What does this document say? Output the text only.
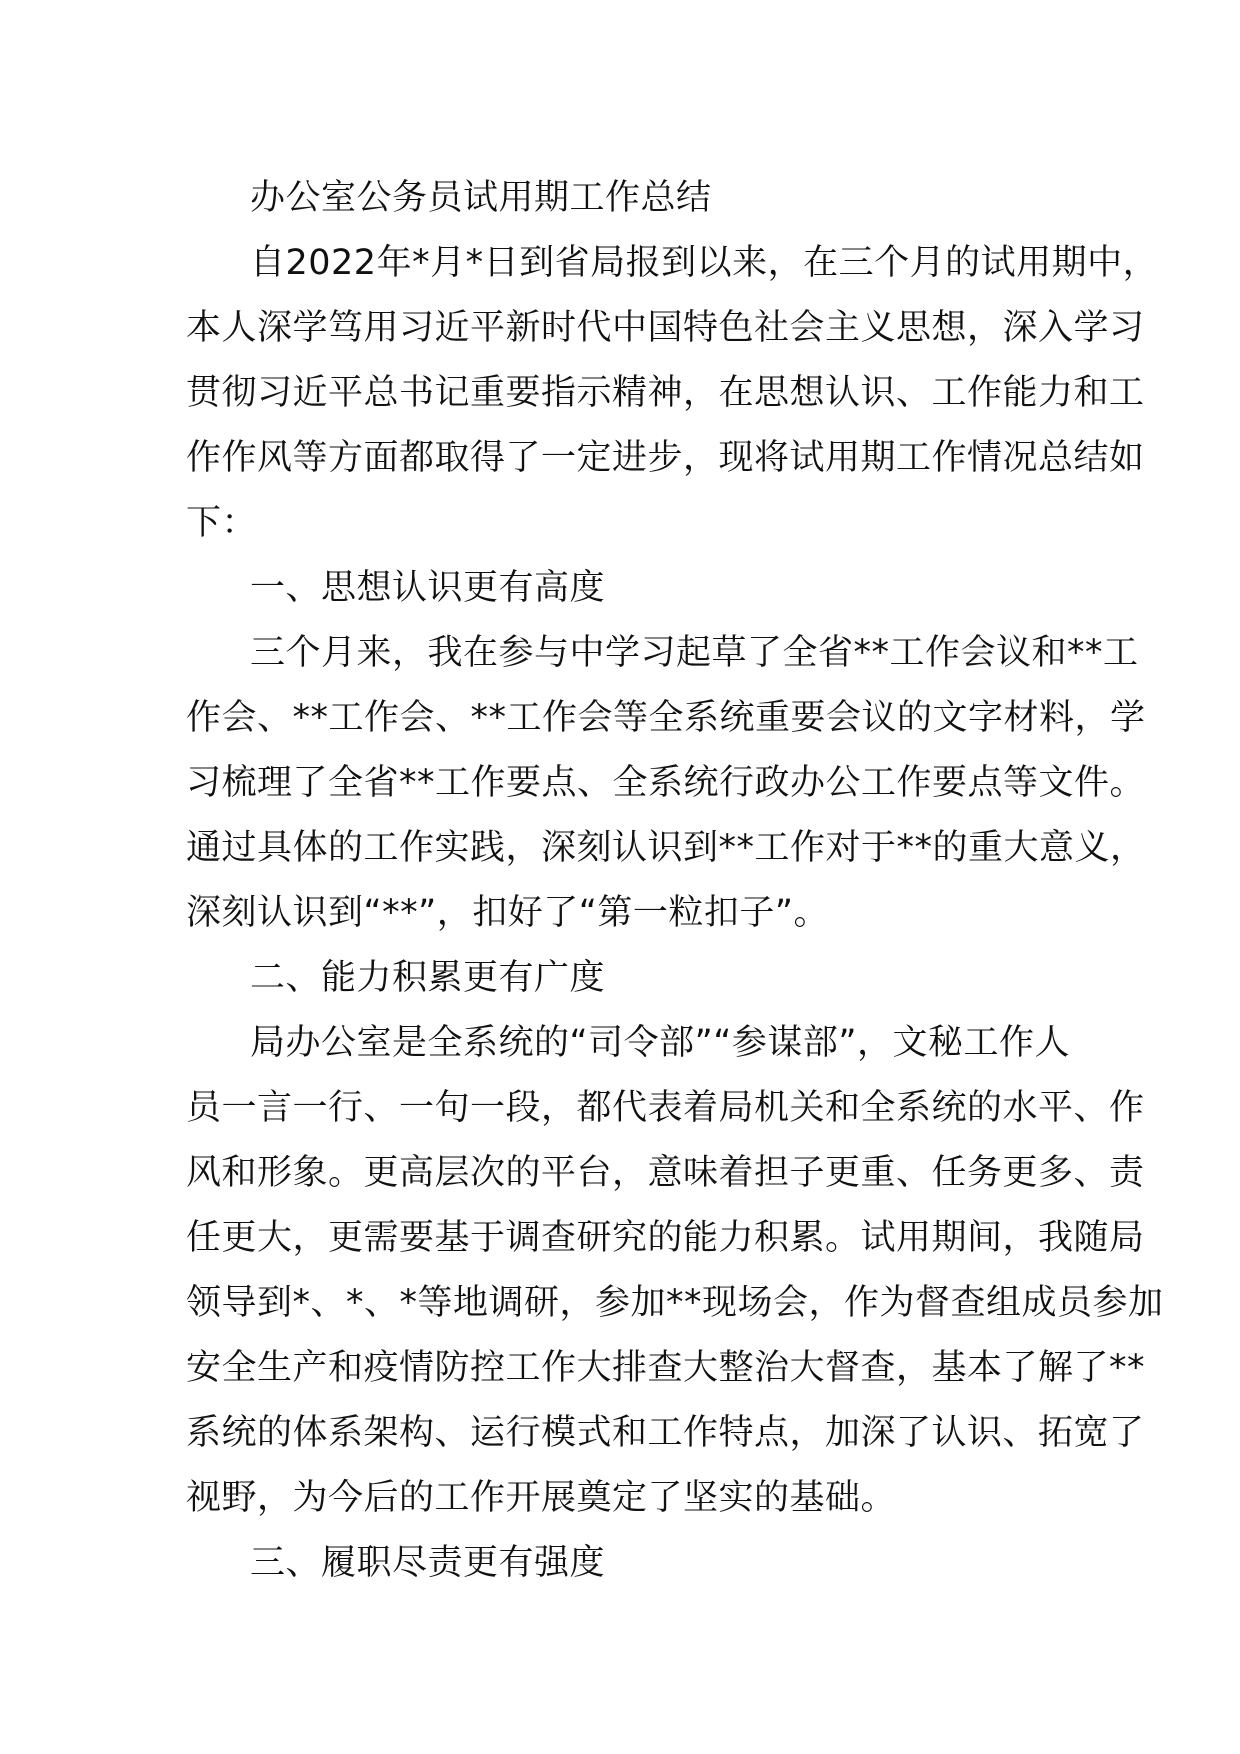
办公室公务员试用期工作总结
自2022年*月*日到省局报到以来，在三个月的试用期中，
本人深学笃用习近平新时代中国特色社会主义思想，深入学习
贯彻习近平总书记重要指示精神，在思想认识、工作能力和工
作作风等方面都取得了一定进步，现将试用期工作情况总结如
下：
一、思想认识更有高度
三个月来，我在参与中学习起草了全省**工作会议和**工
作会、**工作会、**工作会等全系统重要会议的文字材料，学
习梳理了全省**工作要点、全系统行政办公工作要点等文件。
通过具体的工作实践，深刻认识到**工作对于**的重大意义，
深刻认识到“**”，扣好了“第一粒扣子”。
二、能力积累更有广度
局办公室是全系统的“司令部”“参谋部”，文秘工作人
员一言一行、一句一段，都代表着局机关和全系统的水平、作
风和形象。更高层次的平台，意味着担子更重、任务更多、责
任更大，更需要基于调查研究的能力积累。试用期间，我随局
领导到*、*、*等地调研，参加**现场会，作为督查组成员参加
安全生产和疫情防控工作大排查大整治大督查，基本了解了**
系统的体系架构、运行模式和工作特点，加深了认识、拓宽了
视野，为今后的工作开展奠定了坚实的基础。
三、履职尽责更有强度
